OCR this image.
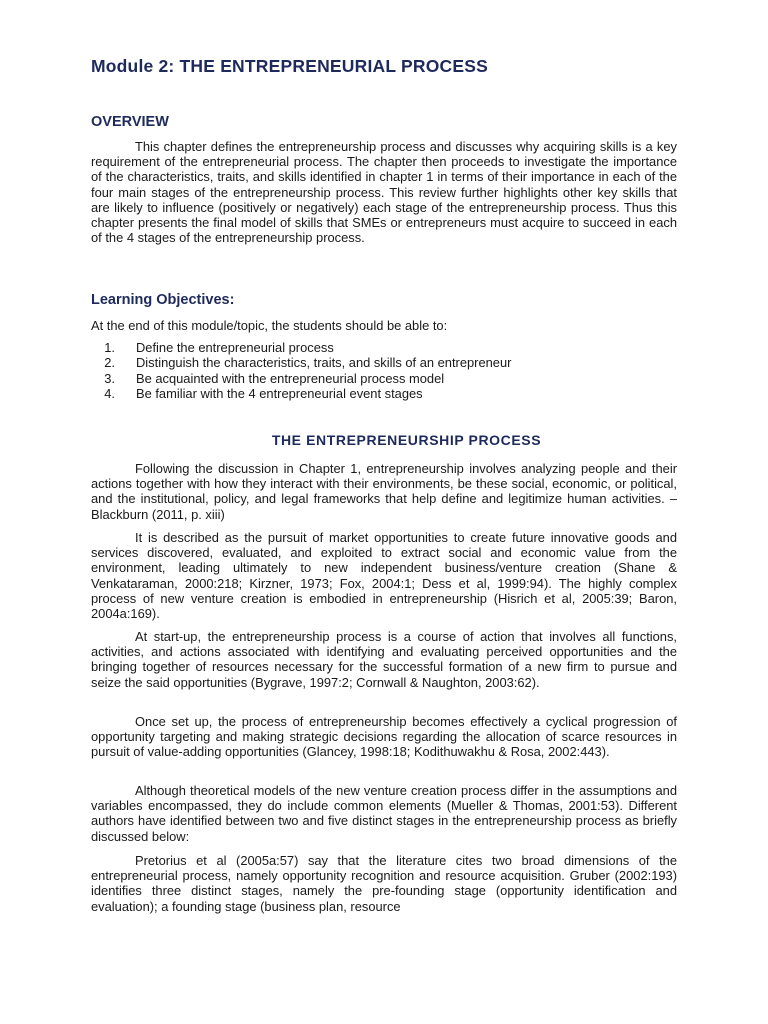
Module 2: THE ENTREPRENEURIAL PROCESS
OVERVIEW

This chapter defines the entrepreneurship process and discusses why acquiring skills is a key requirement of the entrepreneurial process. The chapter then proceeds to investigate the importance of the characteristics, traits, and skills identified in chapter 1 in terms of their importance in each of the four main stages of the entrepreneurship process. This review further highlights other key skills that are likely to influence (positively or negatively) each stage of the entrepreneurship process. Thus this chapter presents the final model of skills that SMEs or entrepreneurs must acquire to succeed in each of the 4 stages of the entrepreneurship process.

Learning Objectives:

At the end of this module/topic, the students should be able to:

1. Define the entrepreneurial process
2. Distinguish the characteristics, traits, and skills of an entrepreneur
3. Be acquainted with the entrepreneurial process model
4. Be familiar with the 4 entrepreneurial event stages
THE ENTREPRENEURSHIP PROCESS

Following the discussion in Chapter 1, entrepreneurship involves analyzing people and their actions together with how they interact with their environments, be these social, economic, or political, and the institutional, policy, and legal frameworks that help define and legitimize human activities. – Blackburn (2011, p. xiii)

It is described as the pursuit of market opportunities to create future innovative goods and services discovered, evaluated, and exploited to extract social and economic value from the environment, leading ultimately to new independent business/venture creation (Shane & Venkataraman, 2000:218; Kirzner, 1973; Fox, 2004:1; Dess et al, 1999:94). The highly complex process of new venture creation is embodied in entrepreneurship (Hisrich et al, 2005:39; Baron, 2004a:169).

At start-up, the entrepreneurship process is a course of action that involves all functions, activities, and actions associated with identifying and evaluating perceived opportunities and the bringing together of resources necessary for the successful formation of a new firm to pursue and seize the said opportunities (Bygrave, 1997:2; Cornwall & Naughton, 2003:62).

Once set up, the process of entrepreneurship becomes effectively a cyclical progression of opportunity targeting and making strategic decisions regarding the allocation of scarce resources in pursuit of value-adding opportunities (Glancey, 1998:18; Kodithuwakhu & Rosa, 2002:443).

Although theoretical models of the new venture creation process differ in the assumptions and variables encompassed, they do include common elements (Mueller & Thomas, 2001:53). Different authors have identified between two and five distinct stages in the entrepreneurship process as briefly discussed below:

Pretorius et al (2005a:57) say that the literature cites two broad dimensions of the entrepreneurial process, namely opportunity recognition and resource acquisition. Gruber (2002:193) identifies three distinct stages, namely the pre-founding stage (opportunity identification and evaluation); a founding stage (business plan, resource
